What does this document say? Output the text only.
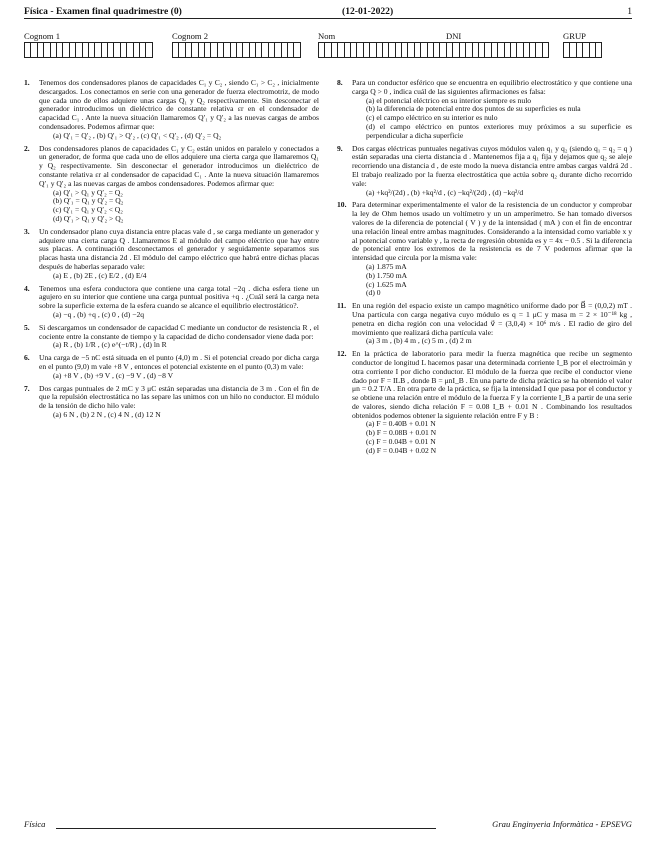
Física - Examen final quadrimestre (0)	(12-01-2022)	1
Cognom 1	Cognom 2	Nom	DNI	GRUP
1. Tenemos dos condensadores planos de capacidades C₁ y C₂ , siendo C₁ > C₂ , inicialmente descargados. Los conectamos en serie con una generador de fuerza electromotriz, de modo que cada uno de ellos adquiere unas cargas Q₁ y Q₂ respectivamente. Sin desconectar el generador introducimos un dieléctrico de constante relativa εr en el condensador de capacidad C₁ . Ante la nueva situación llamaremos Q′₁ y Q′₂ a las nuevas cargas de ambos condensadores. Podemos afirmar que:
(a) Q′₁ = Q′₂ , (b) Q′₁ > Q′₂ , (c) Q′₁ < Q′₂ , (d) Q′₂ = Q₂
2. Dos condensadores planos de capacidades C₁ y C₂ están unidos en paralelo y conectados a un generador, de forma que cada uno de ellos adquiere una cierta carga que llamaremos Q₁ y Q₂ respectivamente. Sin desconectar el generador introducimos un dieléctrico de constante relativa εr al condensador de capacidad C₁ . Ante la nueva situación llamaremos Q′₁ y Q′₂ a las nuevas cargas de ambos condensadores. Podemos afirmar que:
(a) Q′₁ > Q₁ y Q′₂ = Q₂
(b) Q′₁ = Q₁ y Q′₂ = Q₂
(c) Q′₁ = Q₁ y Q′₂ < Q₂
(d) Q′₁ > Q₁ y Q′₂ > Q₂
3. Un condensador plano cuya distancia entre placas vale d , se carga mediante un generador y adquiere una cierta carga Q . Llamaremos E al módulo del campo eléctrico que hay entre sus placas. A continuación desconectamos el generador y seguidamente separamos sus placas hasta una distancia 2d . El módulo del campo eléctrico que habrá entre dichas placas después de haberlas separado vale:
(a) E , (b) 2E , (c) E/2 , (d) E/4
4. Tenemos una esfera conductora que contiene una carga total −2q . dicha esfera tiene un agujero en su interior que contiene una carga puntual positiva +q . ¿Cuál será la carga neta sobre la superficie externa de la esfera cuando se alcance el equilibrio electrostático?.
(a) −q , (b) +q , (c) 0 , (d) −2q
5. Si descargamos un condensador de capacidad C mediante un conductor de resistencia R , el cociente entre la constante de tiempo y la capacidad de dicho condensador viene dada por:
(a) R , (b) 1/R , (c) e^(−t/R) , (d) ln R
6. Una carga de −5 nC está situada en el punto (4,0) m . Si el potencial creado por dicha carga en el punto (9,0) m vale +8 V , entonces el potencial existente en el punto (0,3) m vale:
(a) +8 V , (b) +9 V , (c) −9 V , (d) −8 V
7. Dos cargas puntuales de 2 mC y 3 μC están separadas una distancia de 3 m . Con el fin de que la repulsión electrostática no las separe las unimos con un hilo no conductor. El módulo de la tensión de dicho hilo vale:
(a) 6 N , (b) 2 N , (c) 4 N , (d) 12 N
8. Para un conductor esférico que se encuentra en equilibrio electrostático y que contiene una carga Q > 0 , indica cuál de las siguientes afirmaciones es falsa:
(a) el potencial eléctrico en su interior siempre es nulo
(b) la diferencia de potencial entre dos puntos de su superficies es nula
(c) el campo eléctrico en su interior es nulo
(d) el campo eléctrico en puntos exteriores muy próximos a su superficie es perpendicular a dicha superficie
9. Dos cargas eléctricas puntuales negativas cuyos módulos valen q₁ y q₂ (siendo q₁ = q₂ = q ) están separadas una cierta distancia d . Mantenemos fija a q₁ fija y dejamos que q₂ se aleje recorriendo una distancia d , de este modo la nueva distancia entre ambas cargas valdrá 2d . El trabajo realizado por la fuerza electrostática que actúa sobre q₂ durante dicho recorrido vale:
(a) +kq²/(2d) , (b) +kq²/d , (c) −kq²/(2d) , (d) −kq²/d
10. Para determinar experimentalmente el valor de la resistencia de un conductor y comprobar la ley de Ohm hemos usado un voltímetro y un un amperímetro. Se han tomado diversos valores de la diferencia de potencial ( V ) y de la intensidad ( mA ) con el fin de encontrar una relación lineal entre ambas magnitudes. Considerando a la intensidad como variable x y al potencial como variable y , la recta de regresión obtenida es y = 4x − 0.5 . Si la diferencia de potencial entre los extremos de la resistencia es de 7 V podemos afirmar que la intensidad que circula por la misma vale:
(a) 1.875 mA
(b) 1.750 mA
(c) 1.625 mA
(d) 0
11. En una región del espacio existe un campo magnético uniforme dado por B⃗ = (0,0,2) mT . Una partícula con carga negativa cuyo módulo es q = 1 μC y masa m = 2 × 10⁻¹⁸ kg , penetra en dicha región con una velocidad v⃗ = (3,0,4) × 10⁶ m/s . El radio de giro del movimiento que realizará dicha partícula vale:
(a) 3 m , (b) 4 m , (c) 5 m , (d) 2 m
12. En la práctica de laboratorio para medir la fuerza magnética que recibe un segmento conductor de longitud L hacemos pasar una determinada corriente I_B por el electroimán y otra corriente I por dicho conductor. El módulo de la fuerza que recibe el conductor viene dado por F = ILB , donde B = μnI_B . En una parte de dicha práctica se ha obtenido el valor μn = 0.2 T/A . En otra parte de la práctica, se fija la intensidad I que pasa por el conductor y se obtiene una relación entre el módulo de la fuerza F y la corriente I_B a partir de una serie de valores, siendo dicha relación F = 0.08 I_B + 0.01 N . Combinando los resultados obtenidos podemos obtener la siguiente relación entre F y B :
(a) F = 0.40B + 0.01 N
(b) F = 0.08B + 0.01 N
(c) F = 0.04B + 0.01 N
(d) F = 0.04B + 0.02 N
Física	Grau Enginyeria Informàtica - EPSEVG
